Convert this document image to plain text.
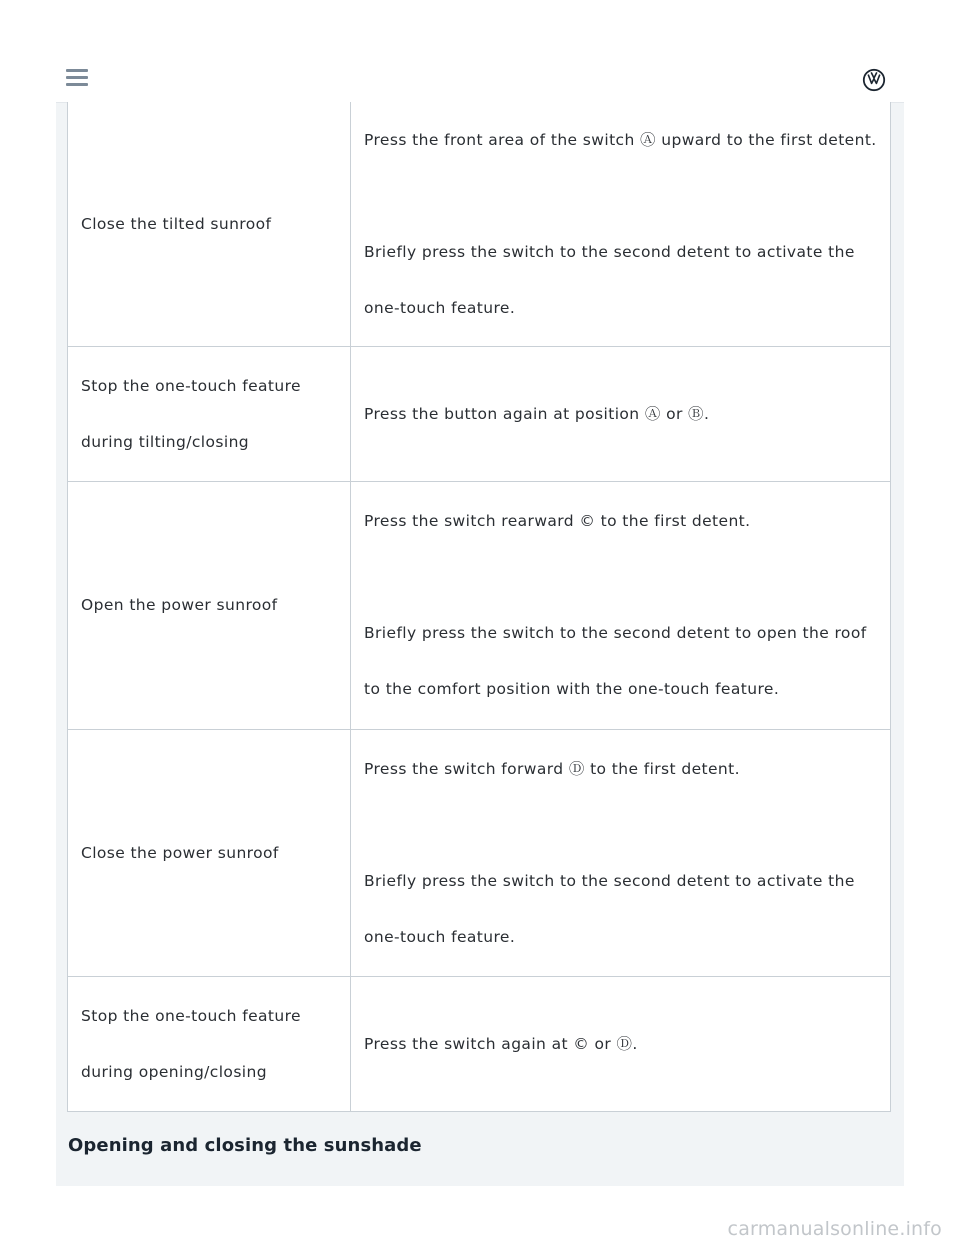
Close the tilted sunroof	Press the front area of the switch Ⓐ upward to the first detent.
Briefly press the switch to the second detent to activate the
one-touch feature.

Stop the one-touch feature
during tilting/closing	Press the button again at position Ⓐ or Ⓑ.

Open the power sunroof	Press the switch rearward © to the first detent.
Briefly press the switch to the second detent to open the roof
to the comfort position with the one-touch feature.

Close the power sunroof	Press the switch forward Ⓓ to the first detent.
Briefly press the switch to the second detent to activate the
one-touch feature.

Stop the one-touch feature
during opening/closing	Press the switch again at © or Ⓓ.
Opening and closing the sunshade
carmanualsonline.info
